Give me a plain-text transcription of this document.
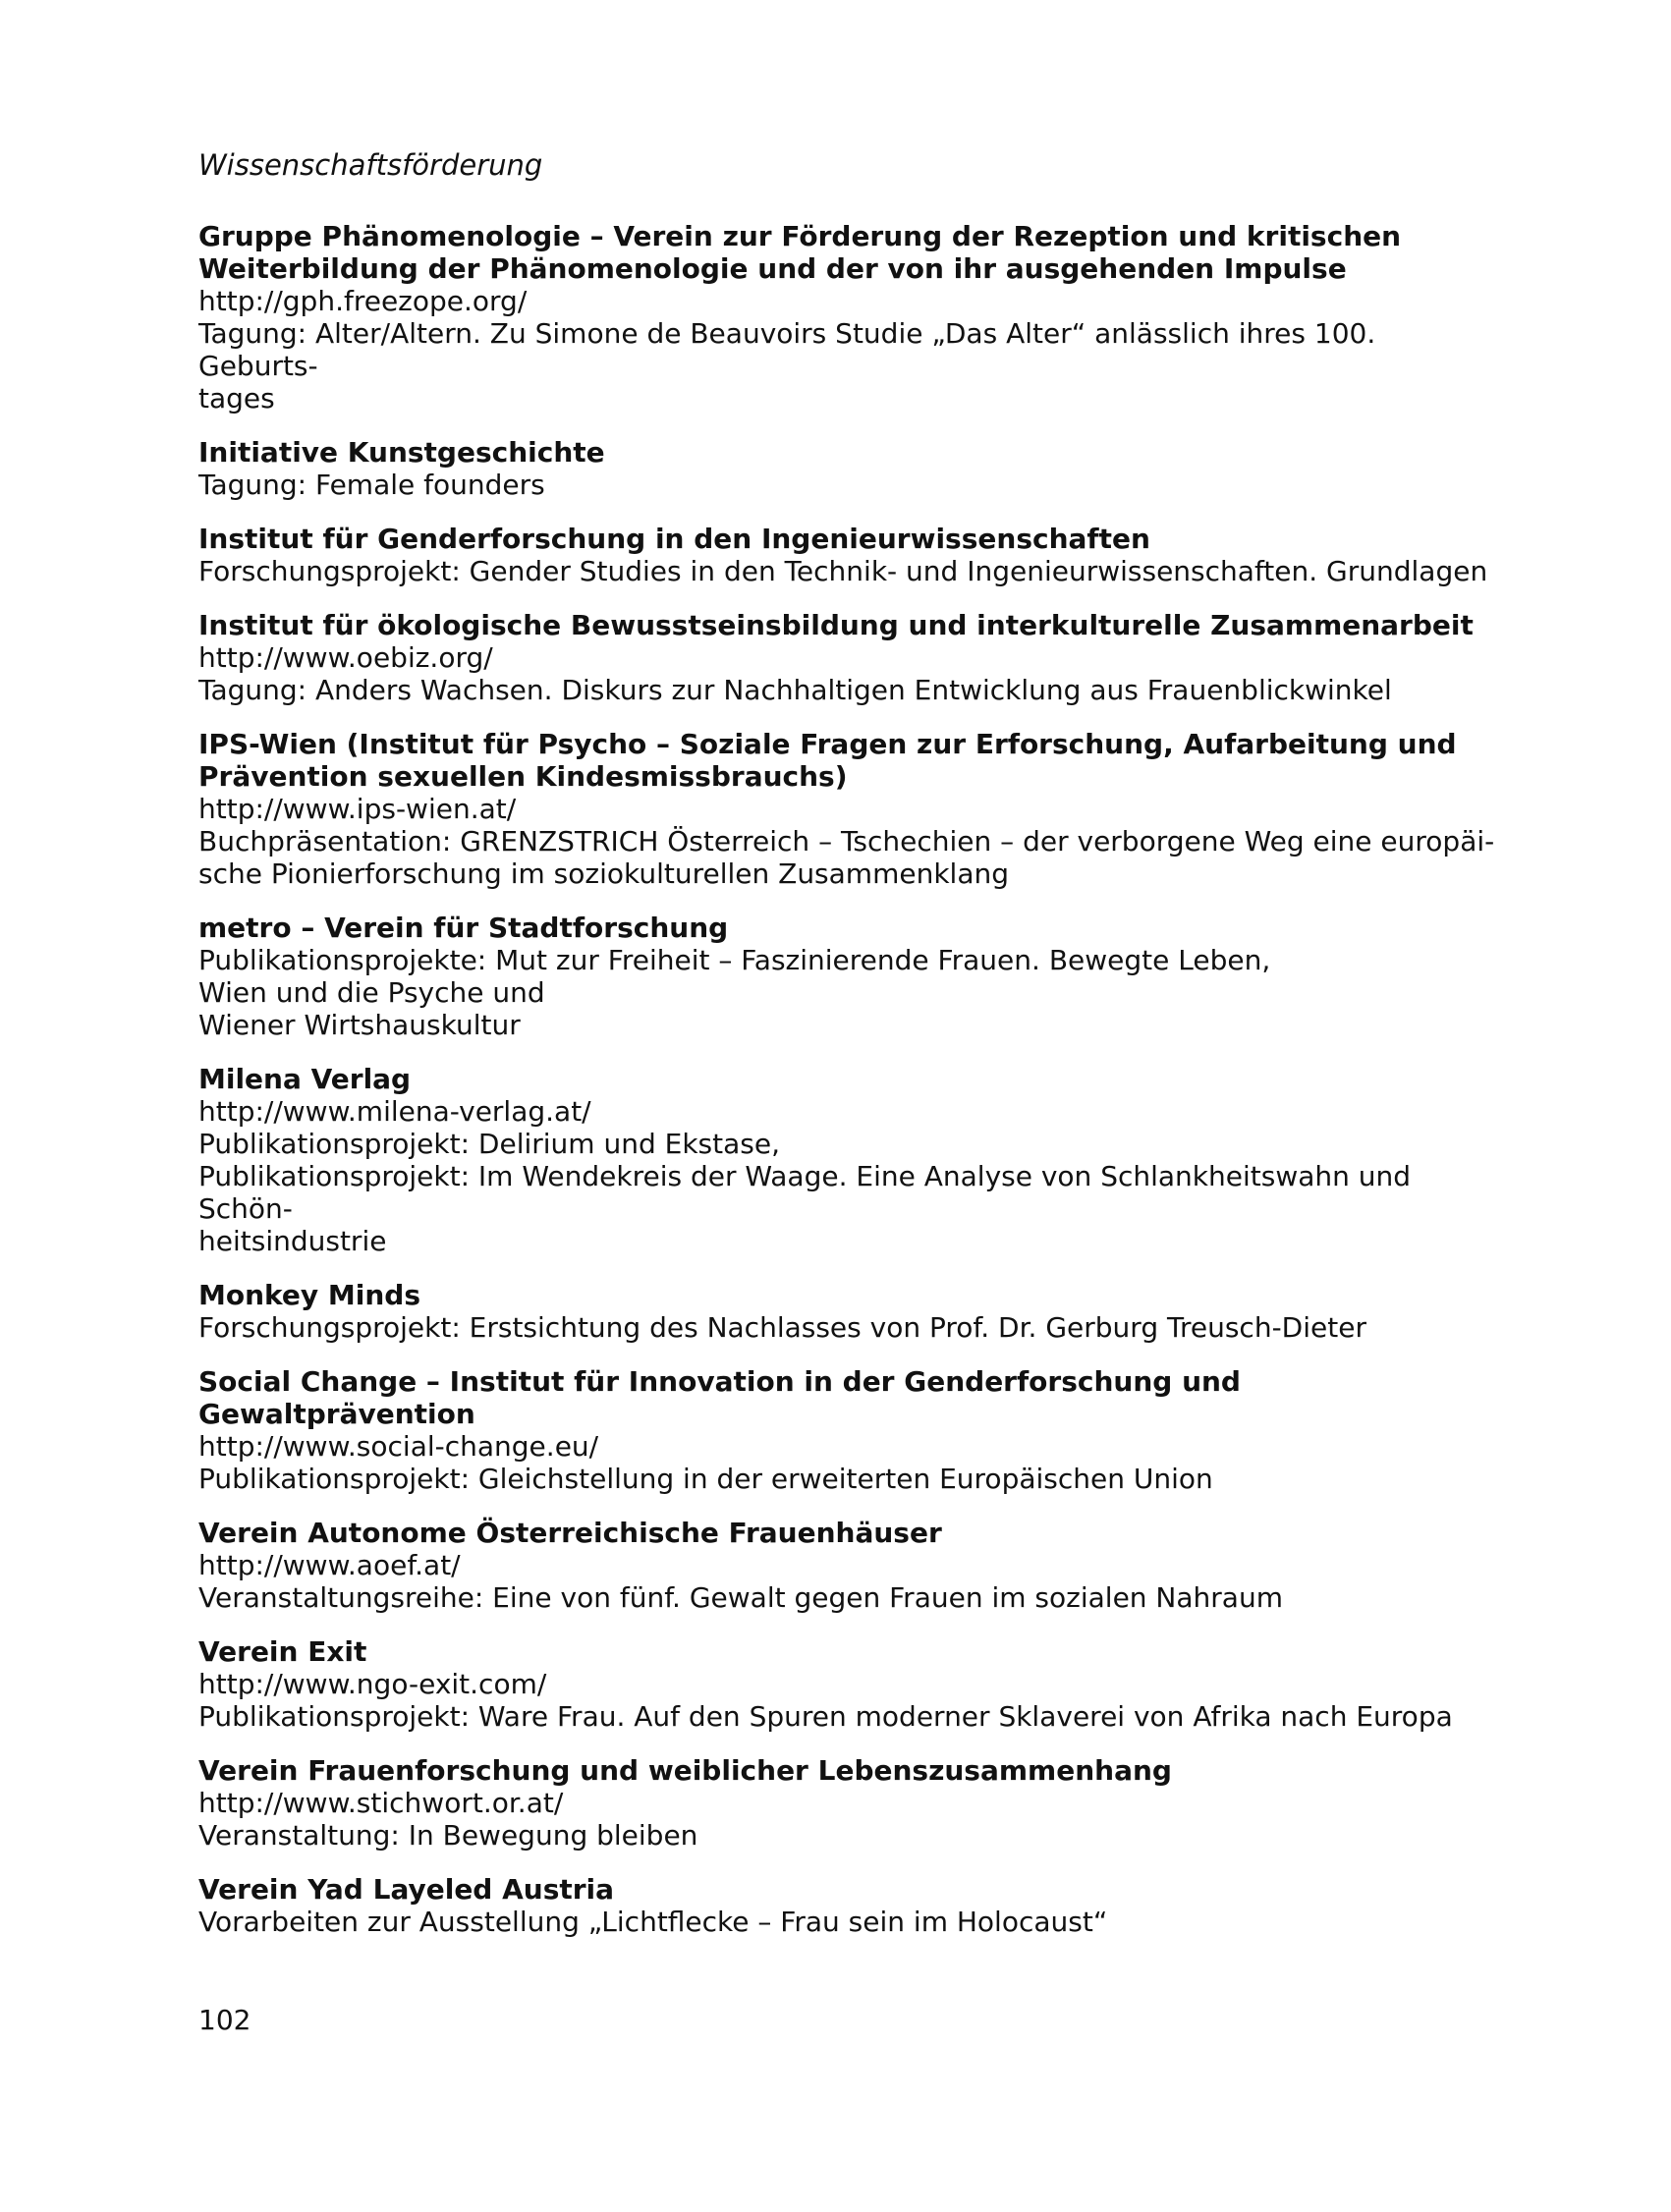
Wissenschaftsförderung
Gruppe Phänomenologie – Verein zur Förderung der Rezeption und kritischen
Weiterbildung der Phänomenologie und der von ihr ausgehenden Impulse
http://gph.freezope.org/
Tagung: Alter/Altern. Zu Simone de Beauvoirs Studie „Das Alter“ anlässlich ihres 100. Geburts-
tages
Initiative Kunstgeschichte
Tagung: Female founders
Institut für Genderforschung in den Ingenieurwissenschaften
Forschungsprojekt: Gender Studies in den Technik- und Ingenieurwissenschaften. Grundlagen
Institut für ökologische Bewusstseinsbildung und interkulturelle Zusammenarbeit
http://www.oebiz.org/
Tagung: Anders Wachsen. Diskurs zur Nachhaltigen Entwicklung aus Frauenblickwinkel
IPS-Wien (Institut für Psycho – Soziale Fragen zur Erforschung, Aufarbeitung und
Prävention sexuellen Kindesmissbrauchs)
http://www.ips-wien.at/
Buchpräsentation: GRENZSTRICH Österreich – Tschechien – der verborgene Weg eine europäi-
sche Pionierforschung im soziokulturellen Zusammenklang
metro – Verein für Stadtforschung
Publikationsprojekte: Mut zur Freiheit – Faszinierende Frauen. Bewegte Leben,
Wien und die Psyche und
Wiener Wirtshauskultur
Milena Verlag
http://www.milena-verlag.at/
Publikationsprojekt: Delirium und Ekstase,
Publikationsprojekt: Im Wendekreis der Waage. Eine Analyse von Schlankheitswahn und Schön-
heitsindustrie
Monkey Minds
Forschungsprojekt: Erstsichtung des Nachlasses von Prof. Dr. Gerburg Treusch-Dieter
Social Change – Institut für Innovation in der Genderforschung und Gewaltprävention
http://www.social-change.eu/
Publikationsprojekt: Gleichstellung in der erweiterten Europäischen Union
Verein Autonome Österreichische Frauenhäuser
http://www.aoef.at/
Veranstaltungsreihe: Eine von fünf. Gewalt gegen Frauen im sozialen Nahraum
Verein Exit
http://www.ngo-exit.com/
Publikationsprojekt: Ware Frau. Auf den Spuren moderner Sklaverei von Afrika nach Europa
Verein Frauenforschung und weiblicher Lebenszusammenhang
http://www.stichwort.or.at/
Veranstaltung: In Bewegung bleiben
Verein Yad Layeled Austria
Vorarbeiten zur Ausstellung „Lichtflecke – Frau sein im Holocaust“
102
